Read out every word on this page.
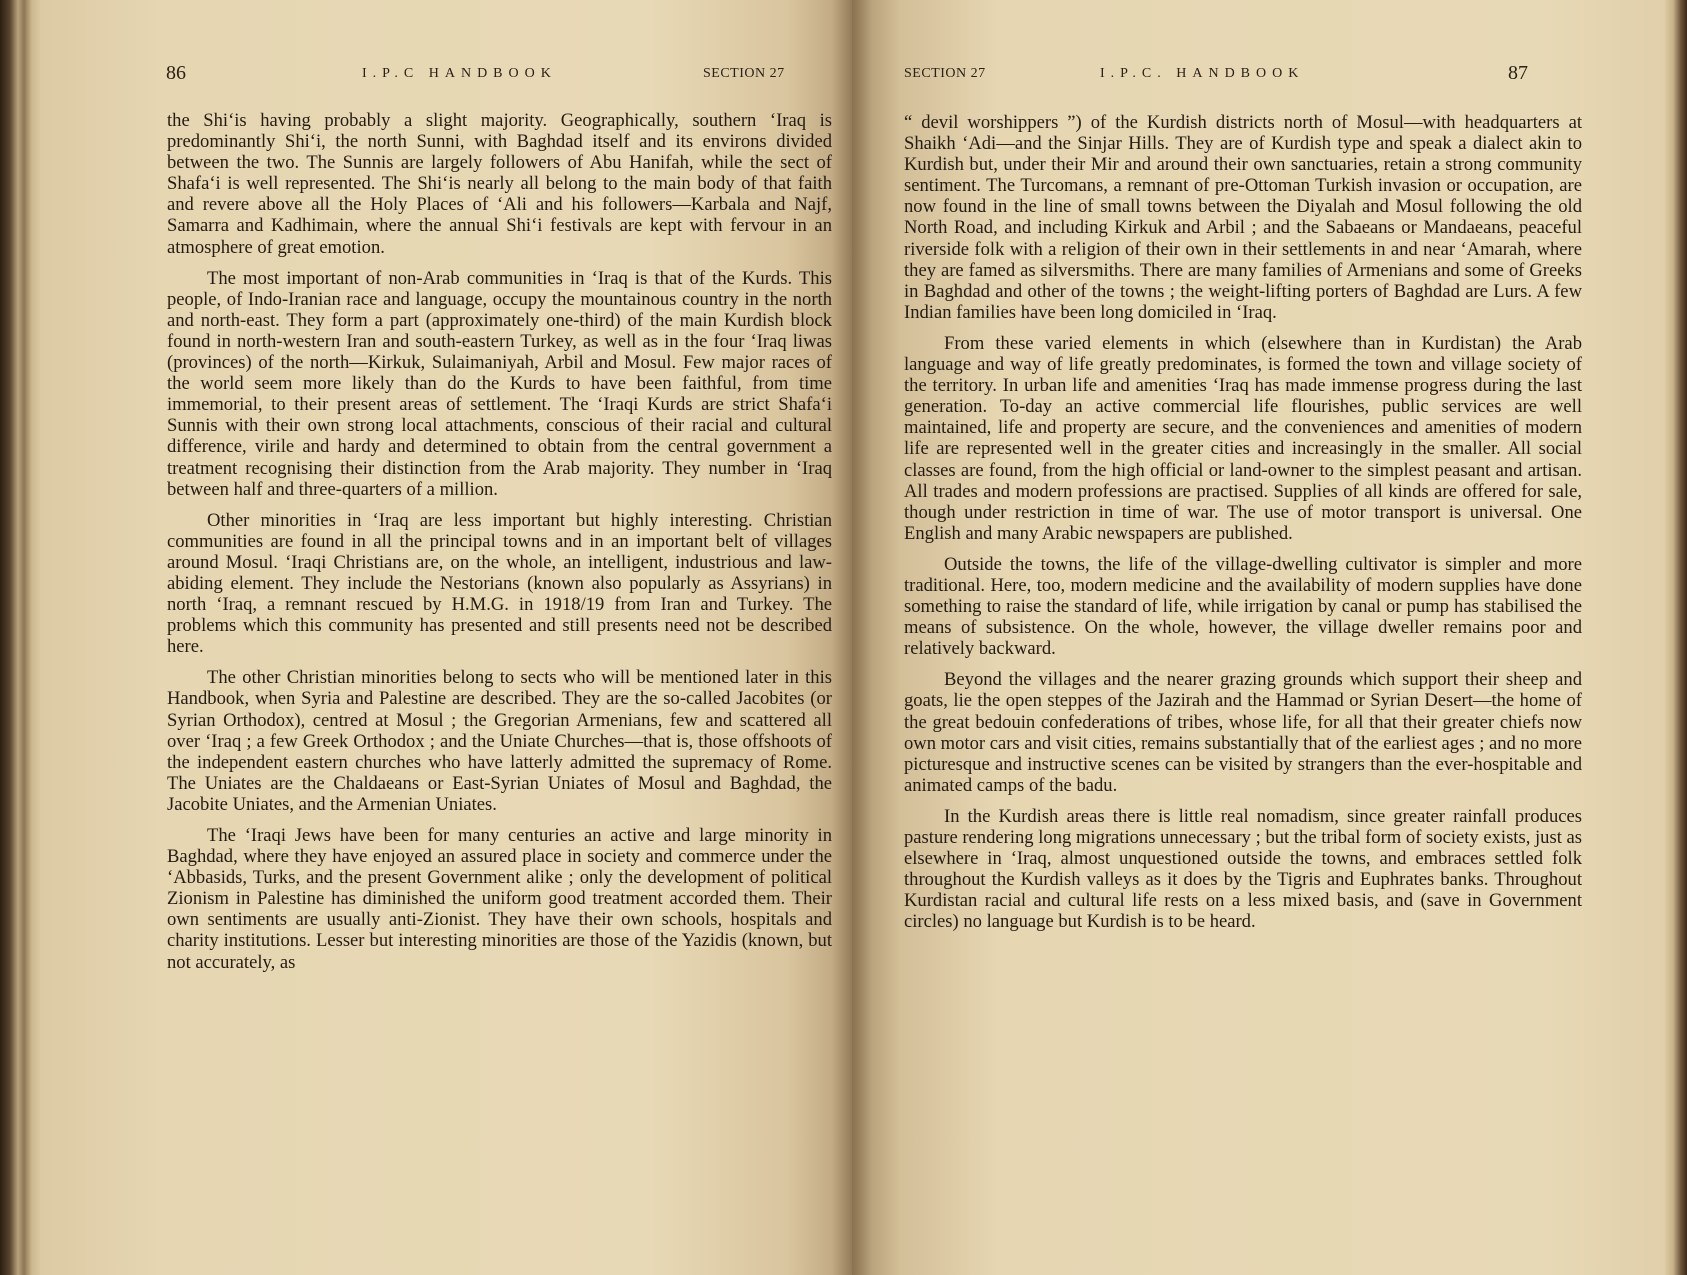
86	I.P.C HANDBOOK	SECTION 27

the Shi‘is having probably a slight majority. Geographically, southern ‘Iraq is predominantly Shi‘i, the north Sunni, with Baghdad itself and its environs divided between the two. The Sunnis are largely followers of Abu Hanifah, while the sect of Shafa‘i is well represented. The Shi‘is nearly all belong to the main body of that faith and revere above all the Holy Places of ‘Ali and his followers—Karbala and Najf, Samarra and Kadhimain, where the annual Shi‘i festivals are kept with fervour in an atmosphere of great emotion.

The most important of non-Arab communities in ‘Iraq is that of the Kurds. This people, of Indo-Iranian race and language, occupy the mountainous country in the north and north-east. They form a part (approximately one-third) of the main Kurdish block found in north-western Iran and south-eastern Turkey, as well as in the four ‘Iraq liwas (provinces) of the north—Kirkuk, Sulaimaniyah, Arbil and Mosul. Few major races of the world seem more likely than do the Kurds to have been faithful, from time immemorial, to their present areas of settlement. The ‘Iraqi Kurds are strict Shafa‘i Sunnis with their own strong local attachments, conscious of their racial and cultural difference, virile and hardy and determined to obtain from the central government a treatment recognising their distinction from the Arab majority. They number in ‘Iraq between half and three-quarters of a million.

Other minorities in ‘Iraq are less important but highly interesting. Christian communities are found in all the principal towns and in an important belt of villages around Mosul. ‘Iraqi Christians are, on the whole, an intelligent, industrious and law-abiding element. They include the Nestorians (known also popularly as Assyrians) in north ‘Iraq, a remnant rescued by H.M.G. in 1918/19 from Iran and Turkey. The problems which this community has presented and still presents need not be described here.

The other Christian minorities belong to sects who will be mentioned later in this Handbook, when Syria and Palestine are described. They are the so-called Jacobites (or Syrian Orthodox), centred at Mosul ; the Gregorian Armenians, few and scattered all over ‘Iraq ; a few Greek Orthodox ; and the Uniate Churches—that is, those offshoots of the independent eastern churches who have latterly admitted the supremacy of Rome. The Uniates are the Chaldaeans or East-Syrian Uniates of Mosul and Baghdad, the Jacobite Uniates, and the Armenian Uniates.

The ‘Iraqi Jews have been for many centuries an active and large minority in Baghdad, where they have enjoyed an assured place in society and commerce under the ‘Abbasids, Turks, and the present Government alike ; only the development of political Zionism in Palestine has diminished the uniform good treatment accorded them. Their own sentiments are usually anti-Zionist. They have their own schools, hospitals and charity institutions. Lesser but interesting minorities are those of the Yazidis (known, but not accurately, as

SECTION 27	I.P.C. HANDBOOK	87

“ devil worshippers ”) of the Kurdish districts north of Mosul—with headquarters at Shaikh ‘Adi—and the Sinjar Hills. They are of Kurdish type and speak a dialect akin to Kurdish but, under their Mir and around their own sanctuaries, retain a strong community sentiment. The Turcomans, a remnant of pre-Ottoman Turkish invasion or occupation, are now found in the line of small towns between the Diyalah and Mosul following the old North Road, and including Kirkuk and Arbil ; and the Sabaeans or Mandaeans, peaceful riverside folk with a religion of their own in their settlements in and near ‘Amarah, where they are famed as silversmiths. There are many families of Armenians and some of Greeks in Baghdad and other of the towns ; the weight-lifting porters of Baghdad are Lurs. A few Indian families have been long domiciled in ‘Iraq.

From these varied elements in which (elsewhere than in Kurdistan) the Arab language and way of life greatly predominates, is formed the town and village society of the territory. In urban life and amenities ‘Iraq has made immense progress during the last generation. To-day an active commercial life flourishes, public services are well maintained, life and property are secure, and the conveniences and amenities of modern life are represented well in the greater cities and increasingly in the smaller. All social classes are found, from the high official or land-owner to the simplest peasant and artisan. All trades and modern professions are practised. Supplies of all kinds are offered for sale, though under restriction in time of war. The use of motor transport is universal. One English and many Arabic newspapers are published.

Outside the towns, the life of the village-dwelling cultivator is simpler and more traditional. Here, too, modern medicine and the availability of modern supplies have done something to raise the standard of life, while irrigation by canal or pump has stabilised the means of subsistence. On the whole, however, the village dweller remains poor and relatively backward.

Beyond the villages and the nearer grazing grounds which support their sheep and goats, lie the open steppes of the Jazirah and the Hammad or Syrian Desert—the home of the great bedouin confederations of tribes, whose life, for all that their greater chiefs now own motor cars and visit cities, remains substantially that of the earliest ages ; and no more picturesque and instructive scenes can be visited by strangers than the ever-hospitable and animated camps of the badu.

In the Kurdish areas there is little real nomadism, since greater rainfall produces pasture rendering long migrations unnecessary ; but the tribal form of society exists, just as elsewhere in ‘Iraq, almost unquestioned outside the towns, and embraces settled folk throughout the Kurdish valleys as it does by the Tigris and Euphrates banks. Throughout Kurdistan racial and cultural life rests on a less mixed basis, and (save in Government circles) no language but Kurdish is to be heard.
